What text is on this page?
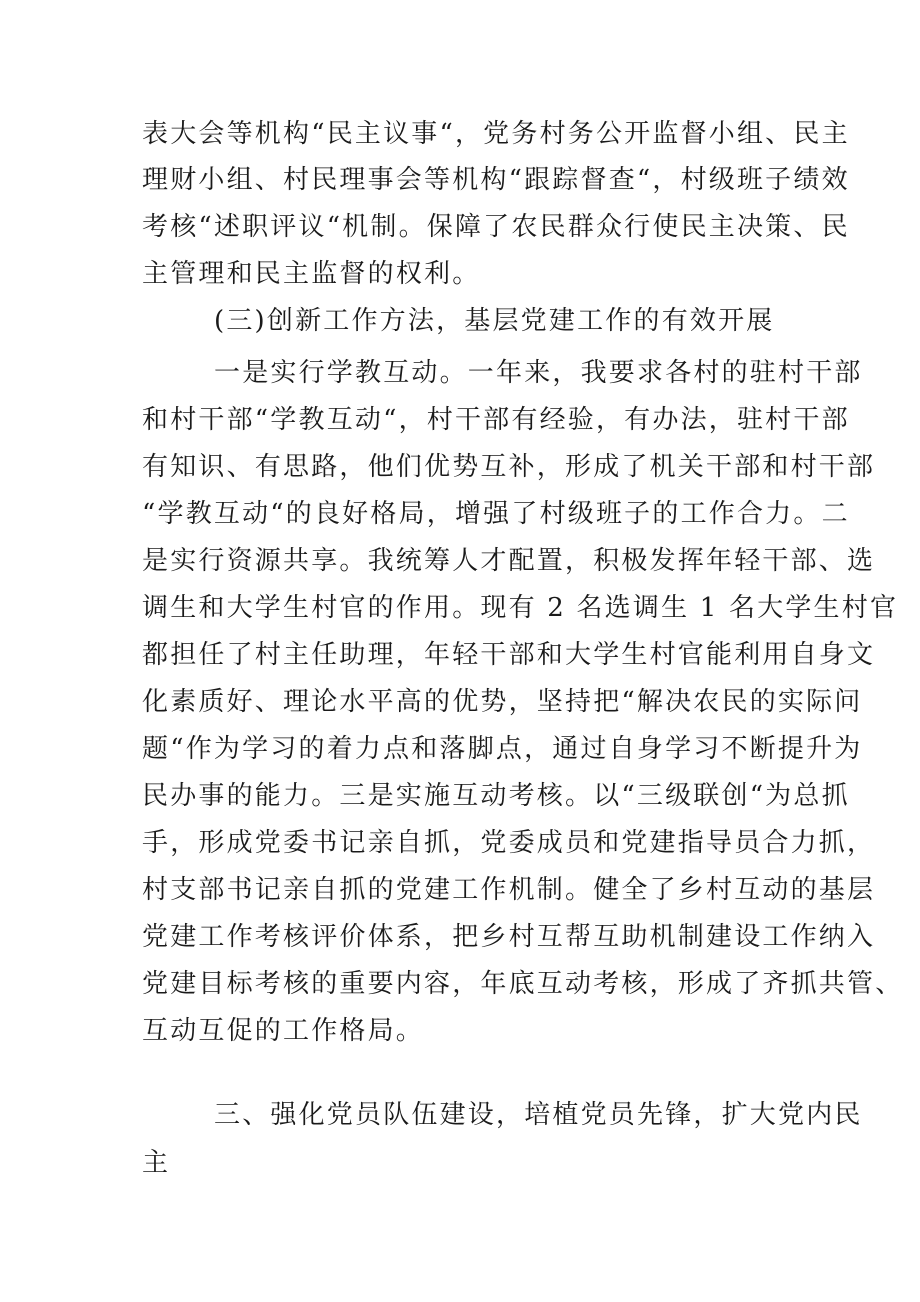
表大会等机构“民主议事“，党务村务公开监督小组、民主
理财小组、村民理事会等机构“跟踪督查“，村级班子绩效
考核“述职评议“机制。保障了农民群众行使民主决策、民
主管理和民主监督的权利。
(三)创新工作方法，基层党建工作的有效开展
一是实行学教互动。一年来，我要求各村的驻村干部
和村干部“学教互动“，村干部有经验，有办法，驻村干部
有知识、有思路，他们优势互补，形成了机关干部和村干部
“学教互动“的良好格局，增强了村级班子的工作合力。二
是实行资源共享。我统筹人才配置，积极发挥年轻干部、选
调生和大学生村官的作用。现有 2 名选调生 1 名大学生村官
都担任了村主任助理，年轻干部和大学生村官能利用自身文
化素质好、理论水平高的优势，坚持把“解决农民的实际问
题“作为学习的着力点和落脚点，通过自身学习不断提升为
民办事的能力。三是实施互动考核。以“三级联创“为总抓
手，形成党委书记亲自抓，党委成员和党建指导员合力抓，
村支部书记亲自抓的党建工作机制。健全了乡村互动的基层
党建工作考核评价体系，把乡村互帮互助机制建设工作纳入
党建目标考核的重要内容，年底互动考核，形成了齐抓共管、
互动互促的工作格局。
三、强化党员队伍建设，培植党员先锋，扩大党内民
主
